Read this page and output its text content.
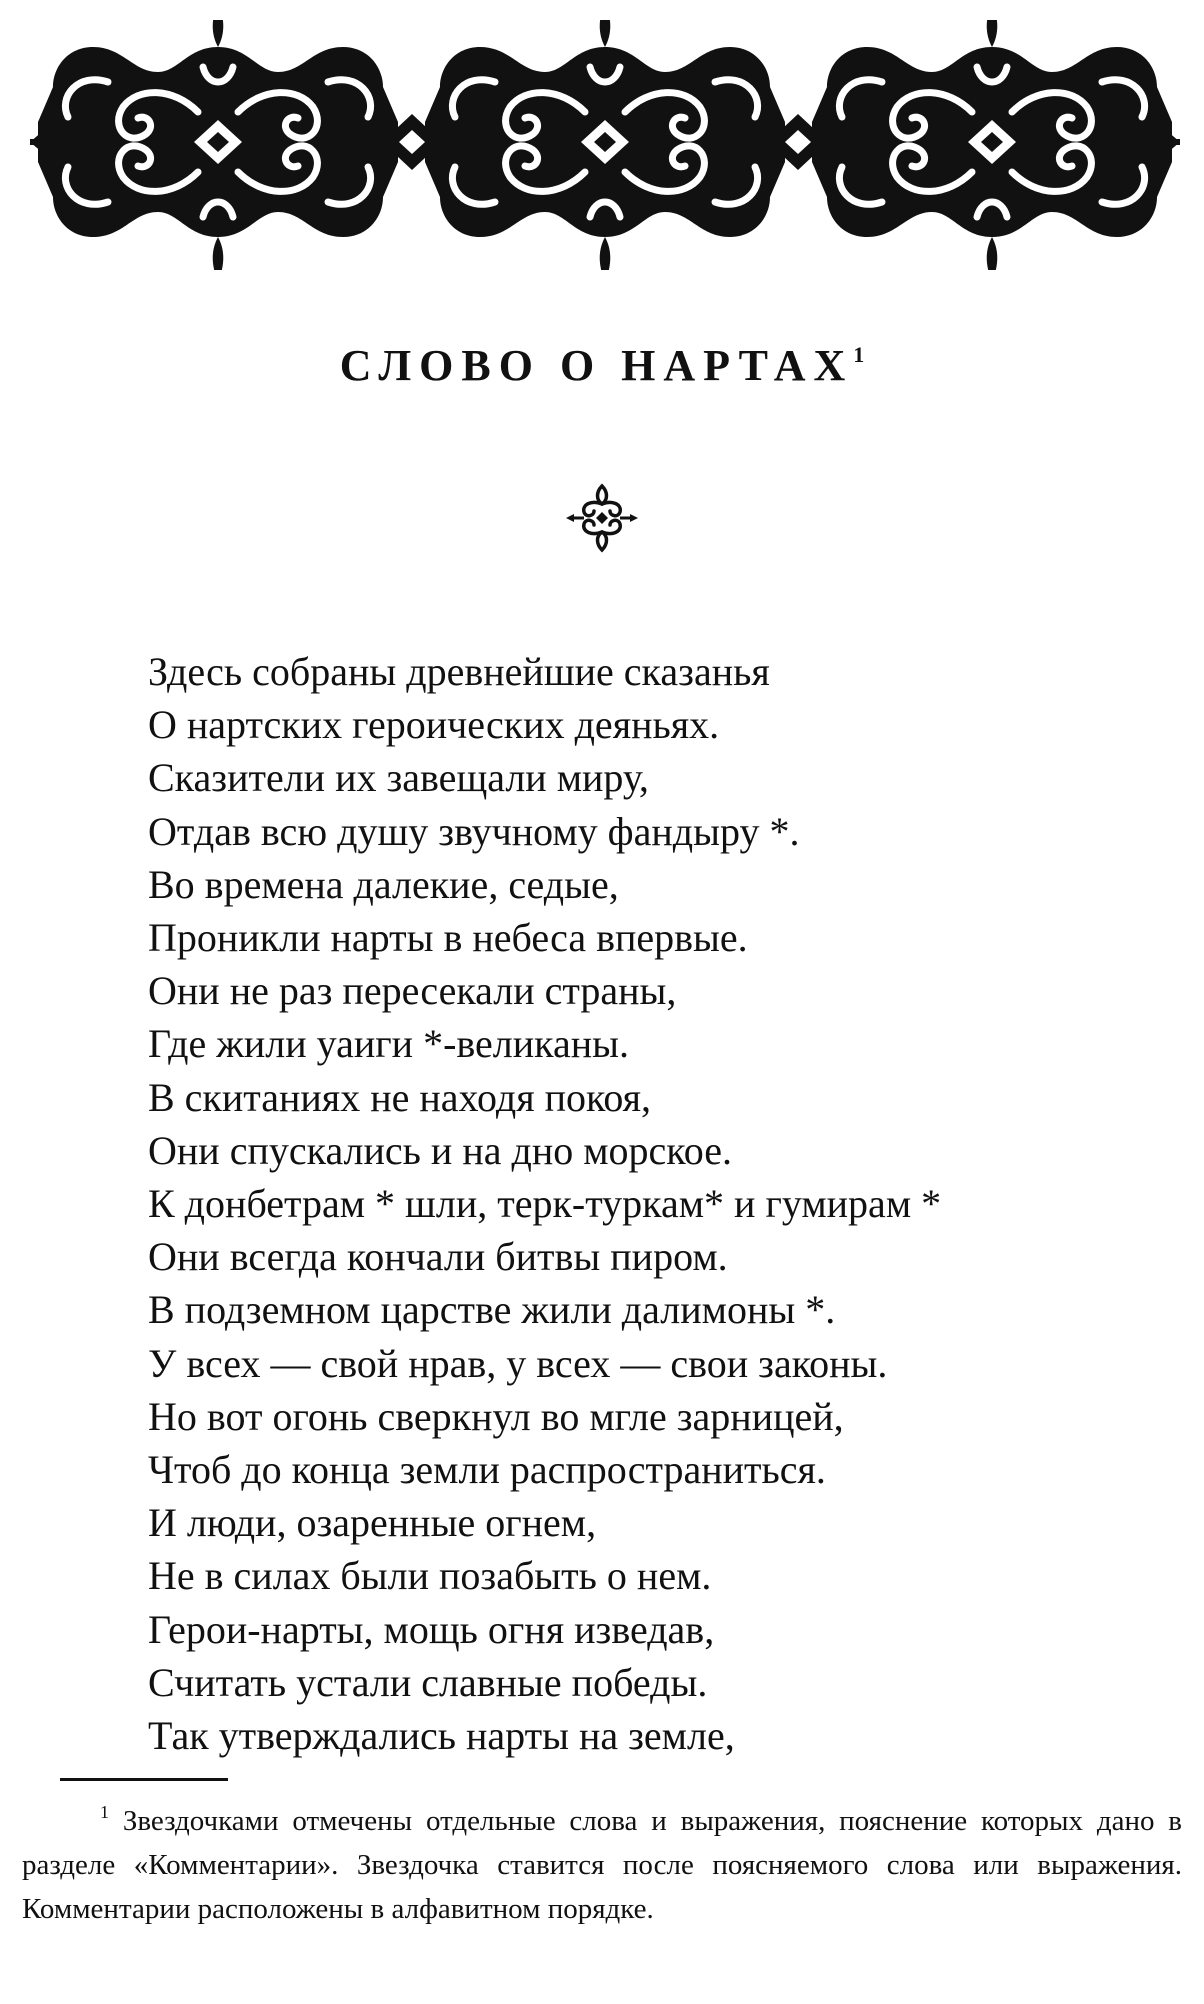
СЛОВО О НАРТАХ$^1$
Здесь собраны древнейшие сказанья
О нартских героических деяньях.
Сказители их завещали миру,
Отдав всю душу звучному фандыру *.
Во времена далекие, седые,
Проникли нарты в небеса впервые.
Они не раз пересекали страны,
Где жили уаиги *-великаны.
В скитаниях не находя покоя,
Они спускались и на дно морское.
К донбетрам * шли, терк-туркам* и гумирам *
Они всегда кончали битвы пиром.
В подземном царстве жили далимоны *.
У всех — свой нрав, у всех — свои законы.
Но вот огонь сверкнул во мгле зарницей,
Чтоб до конца земли распространиться.
И люди, озаренные огнем,
Не в силах были позабыть о нем.
Герои-нарты, мощь огня изведав,
Считать устали славные победы.
Так утверждались нарты на земле,
$^1$ Звездочками отмечены отдельные слова и выражения, пояснение которых дано в разделе «Комментарии». Звездочка ставится после поясняемого слова или выражения. Комментарии расположены в алфавитном порядке.
